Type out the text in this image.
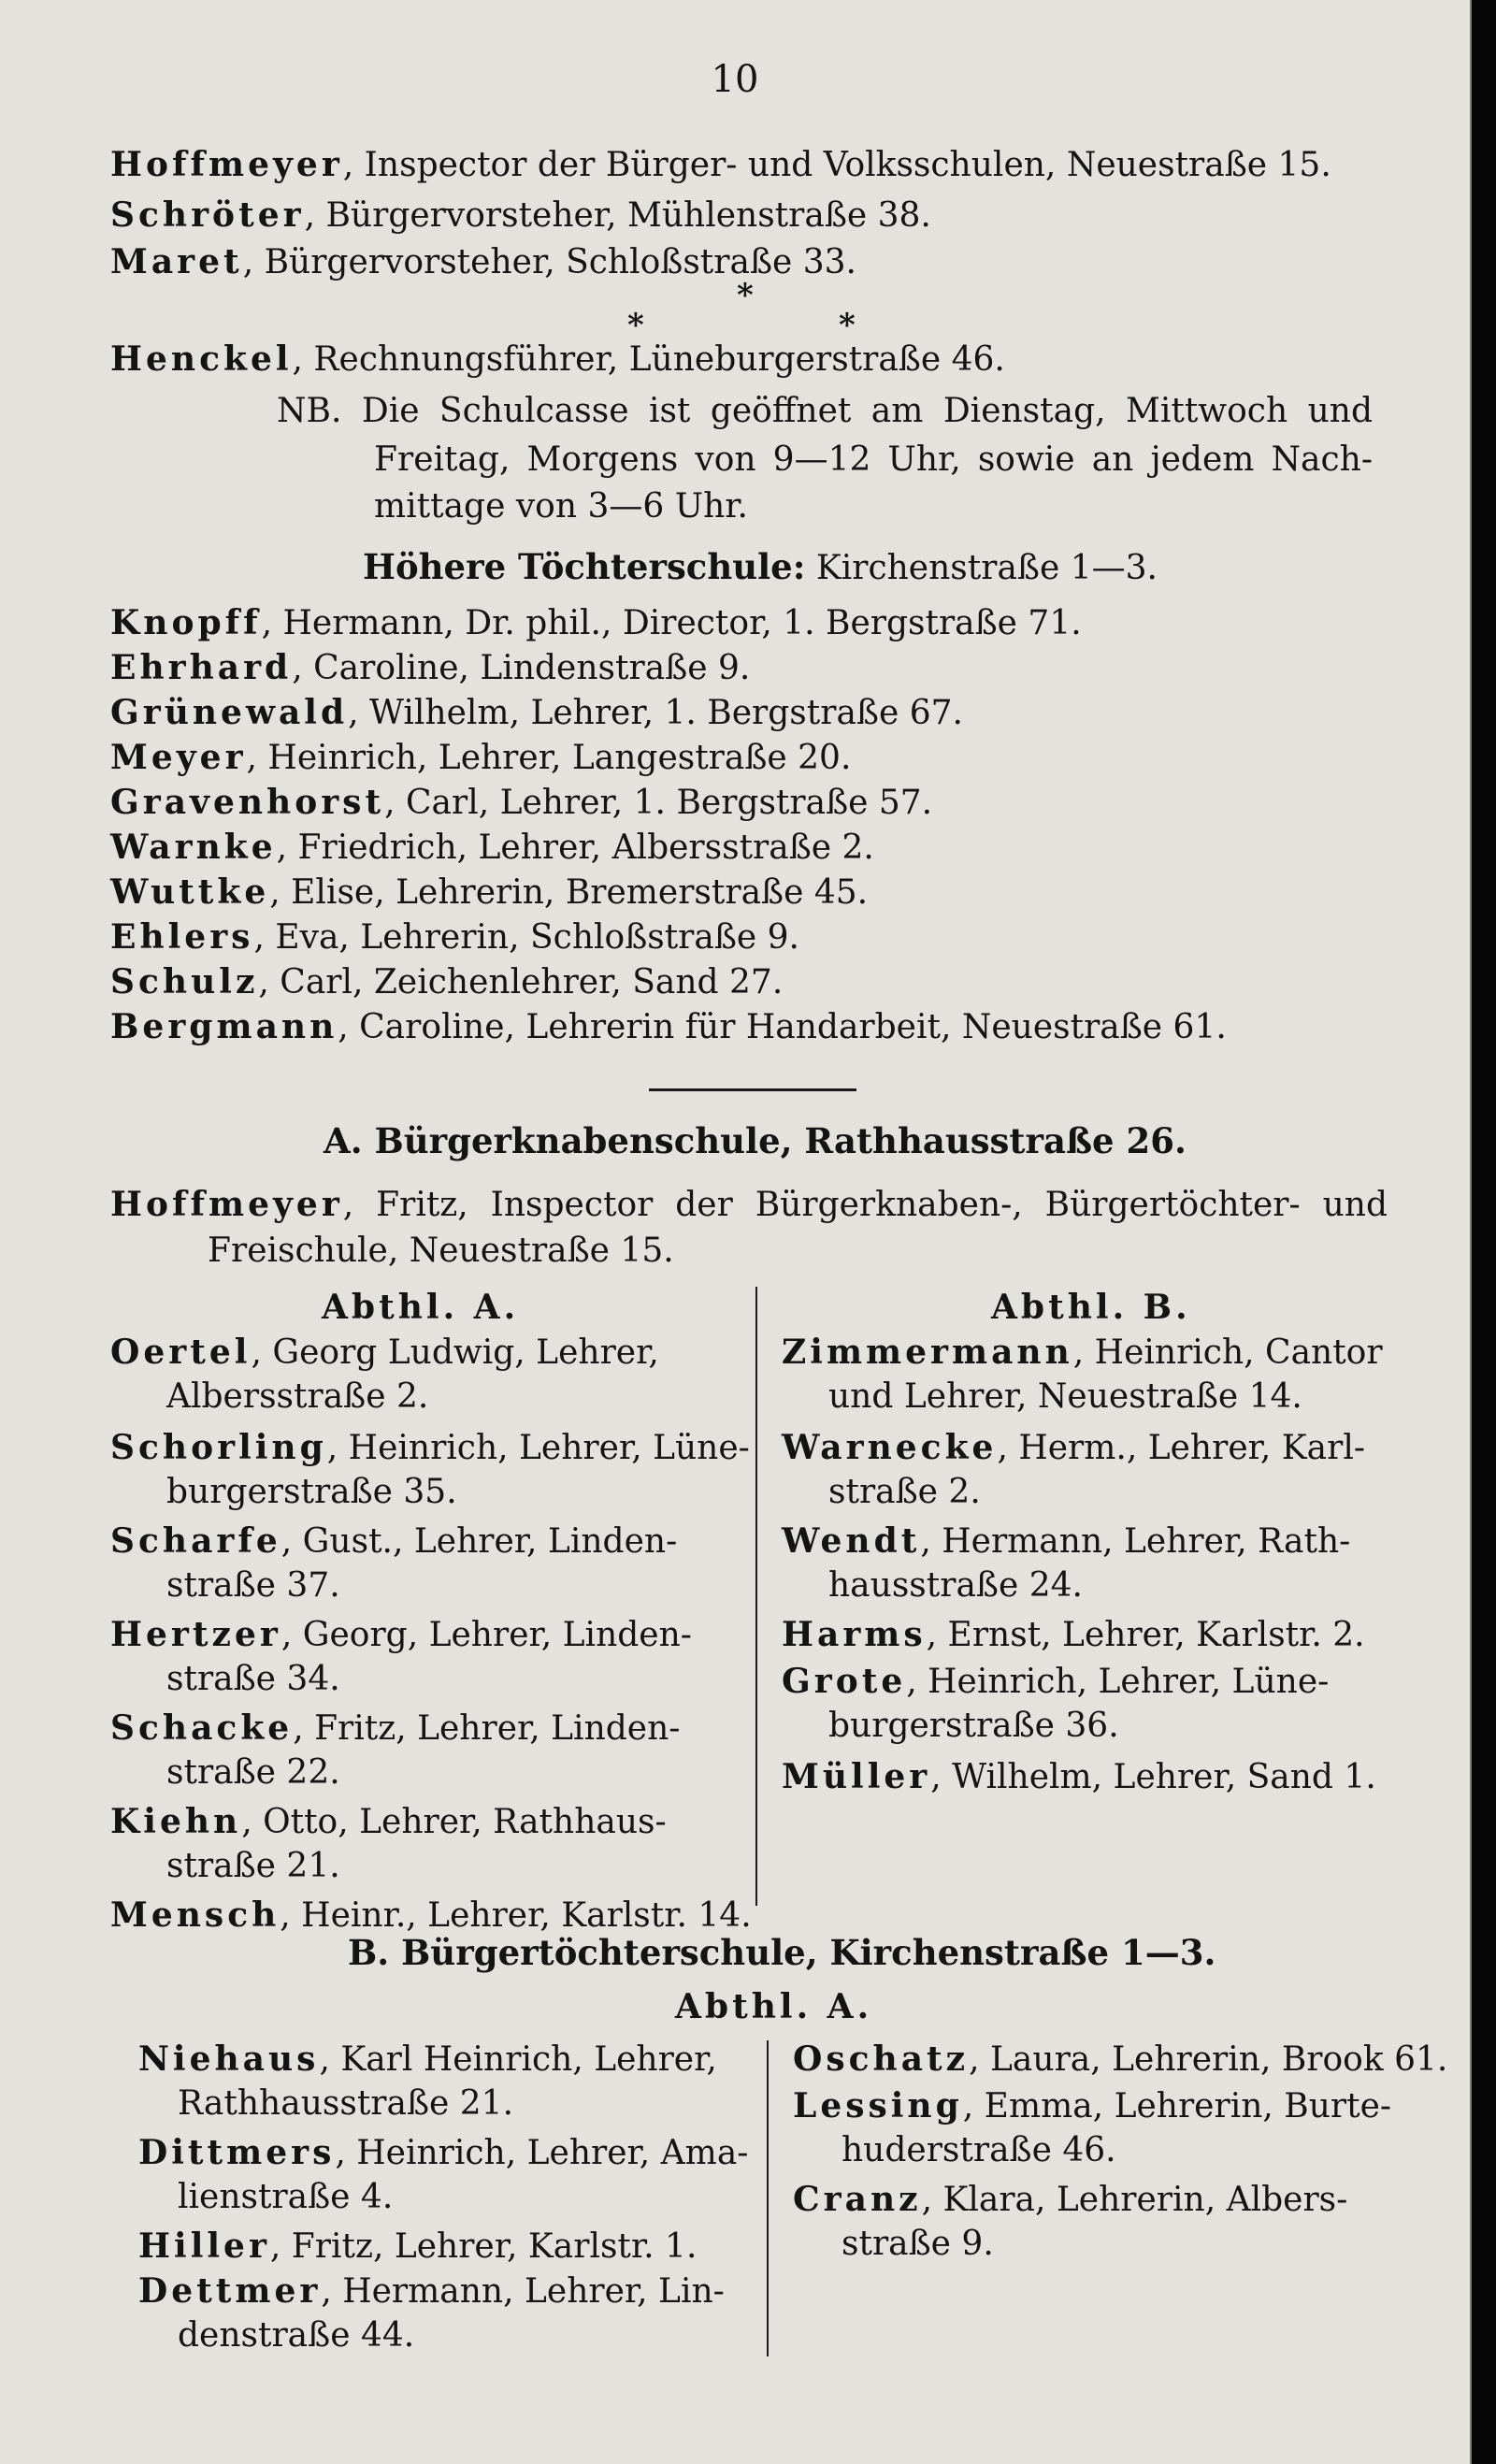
10
Hoffmeyer, Inspector der Bürger- und Volksschulen, Neuestraße 15.
Schröter, Bürgervorsteher, Mühlenstraße 38.
Maret, Bürgervorsteher, Schloßstraße 33.
*
*	*
Henckel, Rechnungsführer, Lüneburgerstraße 46.
NB. Die Schulcasse ist geöffnet am Dienstag, Mittwoch und
Freitag, Morgens von 9—12 Uhr, sowie an jedem Nach-
mittage von 3—6 Uhr.
Höhere Töchterschule: Kirchenstraße 1—3.
Knopff, Hermann, Dr. phil., Director, 1. Bergstraße 71.
Ehrhard, Caroline, Lindenstraße 9.
Grünewald, Wilhelm, Lehrer, 1. Bergstraße 67.
Meyer, Heinrich, Lehrer, Langestraße 20.
Gravenhorst, Carl, Lehrer, 1. Bergstraße 57.
Warnke, Friedrich, Lehrer, Albersstraße 2.
Wuttke, Elise, Lehrerin, Bremerstraße 45.
Ehlers, Eva, Lehrerin, Schloßstraße 9.
Schulz, Carl, Zeichenlehrer, Sand 27.
Bergmann, Caroline, Lehrerin für Handarbeit, Neuestraße 61.
A. Bürgerknabenschule, Rathhausstraße 26.
Hoffmeyer, Fritz, Inspector der Bürgerknaben-, Bürgertöchter- und
Freischule, Neuestraße 15.
Abthl. A.	Abthl. B.
Oertel, Georg Ludwig, Lehrer,
Albersstraße 2.
Schorling, Heinrich, Lehrer, Lüne-
burgerstraße 35.
Scharfe, Gust., Lehrer, Linden-
straße 37.
Hertzer, Georg, Lehrer, Linden-
straße 34.
Schacke, Fritz, Lehrer, Linden-
straße 22.
Kiehn, Otto, Lehrer, Rathhaus-
straße 21.
Mensch, Heinr., Lehrer, Karlstr. 14.
Zimmermann, Heinrich, Cantor
und Lehrer, Neuestraße 14.
Warnecke, Herm., Lehrer, Karl-
straße 2.
Wendt, Hermann, Lehrer, Rath-
hausstraße 24.
Harms, Ernst, Lehrer, Karlstr. 2.
Grote, Heinrich, Lehrer, Lüne-
burgerstraße 36.
Müller, Wilhelm, Lehrer, Sand 1.
B. Bürgertöchterschule, Kirchenstraße 1—3.
Abthl. A.
Niehaus, Karl Heinrich, Lehrer,
Rathhausstraße 21.
Dittmers, Heinrich, Lehrer, Ama-
lienstraße 4.
Hiller, Fritz, Lehrer, Karlstr. 1.
Dettmer, Hermann, Lehrer, Lin-
denstraße 44.
Oschatz, Laura, Lehrerin, Brook 61.
Lessing, Emma, Lehrerin, Burte-
huderstraße 46.
Cranz, Klara, Lehrerin, Albers-
straße 9.
